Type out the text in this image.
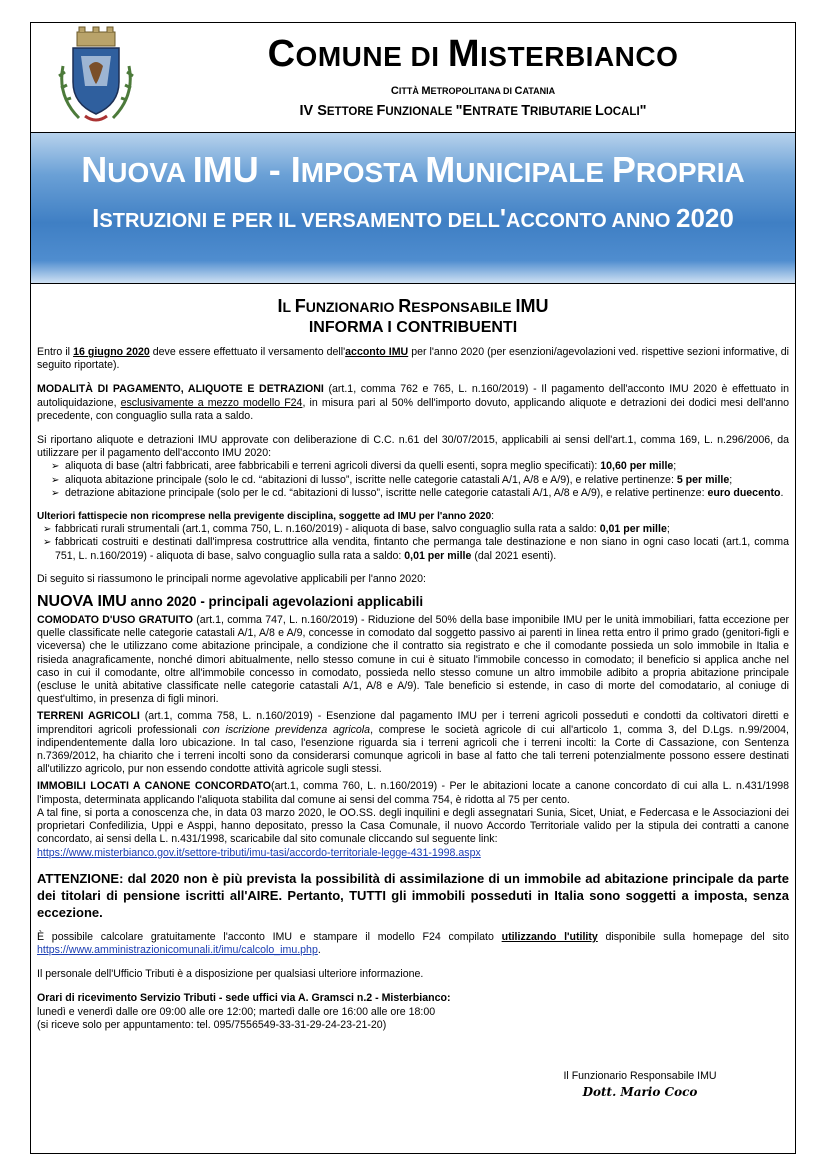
COMUNE DI MISTERBIANCO
CITTÀ METROPOLITANA DI CATANIA
IV SETTORE FUNZIONALE "ENTRATE TRIBUTARIE LOCALI"
NUOVA IMU - IMPOSTA MUNICIPALE PROPRIA
ISTRUZIONI E PER IL VERSAMENTO DELL'ACCONTO ANNO 2020
IL FUNZIONARIO RESPONSABILE IMU
INFORMA I CONTRIBUENTI

Entro il 16 giugno 2020 deve essere effettuato il versamento dell'acconto IMU per l'anno 2020 (per esenzioni/agevolazioni ved. rispettive sezioni informative, di seguito riportate).

MODALITÀ DI PAGAMENTO, ALIQUOTE E DETRAZIONI (art.1, comma 762 e 765, L. n.160/2019) - Il pagamento dell'acconto IMU 2020 è effettuato in autoliquidazione, esclusivamente a mezzo modello F24, in misura pari al 50% dell'importo dovuto, applicando aliquote e detrazioni dei dodici mesi dell'anno precedente, con conguaglio sulla rata a saldo.

Si riportano aliquote e detrazioni IMU approvate con deliberazione di C.C. n.61 del 30/07/2015, applicabili ai sensi dell'art.1, comma 169, L. n.296/2006, da utilizzare per il pagamento dell'acconto IMU 2020:

➢ aliquota di base (altri fabbricati, aree fabbricabili e terreni agricoli diversi da quelli esenti, sopra meglio specificati): 10,60 per mille;
➢ aliquota abitazione principale (solo le cd. “abitazioni di lusso”, iscritte nelle categorie catastali A/1, A/8 e A/9), e relative pertinenze: 5 per mille;
➢ detrazione abitazione principale (solo per le cd. “abitazioni di lusso”, iscritte nelle categorie catastali A/1, A/8 e A/9), e relative pertinenze: euro duecento.

Ulteriori fattispecie non ricomprese nella previgente disciplina, soggette ad IMU per l'anno 2020:

➢ fabbricati rurali strumentali (art.1, comma 750, L. n.160/2019) - aliquota di base, salvo conguaglio sulla rata a saldo: 0,01 per mille;
➢ fabbricati costruiti e destinati dall'impresa costruttrice alla vendita, fintanto che permanga tale destinazione e non siano in ogni caso locati (art.1, comma 751, L. n.160/2019) - aliquota di base, salvo conguaglio sulla rata a saldo: 0,01 per mille (dal 2021 esenti).

Di seguito si riassumono le principali norme agevolative applicabili per l'anno 2020:

NUOVA IMU anno 2020 - principali agevolazioni applicabili
COMODATO D'USO GRATUITO (art.1, comma 747, L. n.160/2019) - Riduzione del 50% della base imponibile IMU per le unità immobiliari, fatta eccezione per quelle classificate nelle categorie catastali A/1, A/8 e A/9, concesse in comodato dal soggetto passivo ai parenti in linea retta entro il primo grado (genitori-figli e viceversa) che le utilizzano come abitazione principale, a condizione che il contratto sia registrato e che il comodante possieda un solo immobile in Italia e risieda anagraficamente, nonché dimori abitualmente, nello stesso comune in cui è situato l'immobile concesso in comodato; il beneficio si applica anche nel caso in cui il comodante, oltre all'immobile concesso in comodato, possieda nello stesso comune un altro immobile adibito a propria abitazione principale (escluse le unità abitative classificate nelle categorie catastali A/1, A/8 e A/9). Tale beneficio si estende, in caso di morte del comodatario, al coniuge di quest'ultimo, in presenza di figli minori.
TERRENI AGRICOLI (art.1, comma 758, L. n.160/2019) - Esenzione dal pagamento IMU per i terreni agricoli posseduti e condotti da coltivatori diretti e imprenditori agricoli professionali con iscrizione previdenza agricola, comprese le società agricole di cui all'articolo 1, comma 3, del D.Lgs. n.99/2004, indipendentemente dalla loro ubicazione. In tal caso, l'esenzione riguarda sia i terreni agricoli che i terreni incolti: la Corte di Cassazione, con Sentenza n.7369/2012, ha chiarito che i terreni incolti sono da considerarsi comunque agricoli in base al fatto che tali terreni potenzialmente possono essere destinati all'utilizzo agricolo, pur non essendo condotte attività agricole sugli stessi.
IMMOBILI LOCATI A CANONE CONCORDATO(art.1, comma 760, L. n.160/2019) - Per le abitazioni locate a canone concordato di cui alla L. n.431/1998 l'imposta, determinata applicando l'aliquota stabilita dal comune ai sensi del comma 754, è ridotta al 75 per cento.
A tal fine, si porta a conoscenza che, in data 03 marzo 2020, le OO.SS. degli inquilini e degli assegnatari Sunia, Sicet, Uniat, e Federcasa e le Associazioni dei proprietari Confedilizia, Uppi e Asppi, hanno depositato, presso la Casa Comunale, il nuovo Accordo Territoriale valido per la stipula dei contratti a canone concordato, ai sensi della L. n.431/1998, scaricabile dal sito comunale cliccando sul seguente link:
https://www.misterbianco.gov.it/settore-tributi/imu-tasi/accordo-territoriale-legge-431-1998.aspx
ATTENZIONE: dal 2020 non è più prevista la possibilità di assimilazione di un immobile ad abitazione principale da parte dei titolari di pensione iscritti all'AIRE. Pertanto, TUTTI gli immobili posseduti in Italia sono soggetti a imposta, senza eccezione.

È possibile calcolare gratuitamente l'acconto IMU e stampare il modello F24 compilato utilizzando l'utility disponibile sulla homepage del sito https://www.amministrazionicomunali.it/imu/calcolo_imu.php.

Il personale dell'Ufficio Tributi è a disposizione per qualsiasi ulteriore informazione.

Orari di ricevimento Servizio Tributi - sede uffici via A. Gramsci n.2 - Misterbianco:
lunedì e venerdì dalle ore 09:00 alle ore 12:00; martedì dalle ore 16:00 alle ore 18:00
(si riceve solo per appuntamento: tel. 095/7556549-33-31-29-24-23-21-20)
Il Funzionario Responsabile IMU
Dott. Mario Coco
